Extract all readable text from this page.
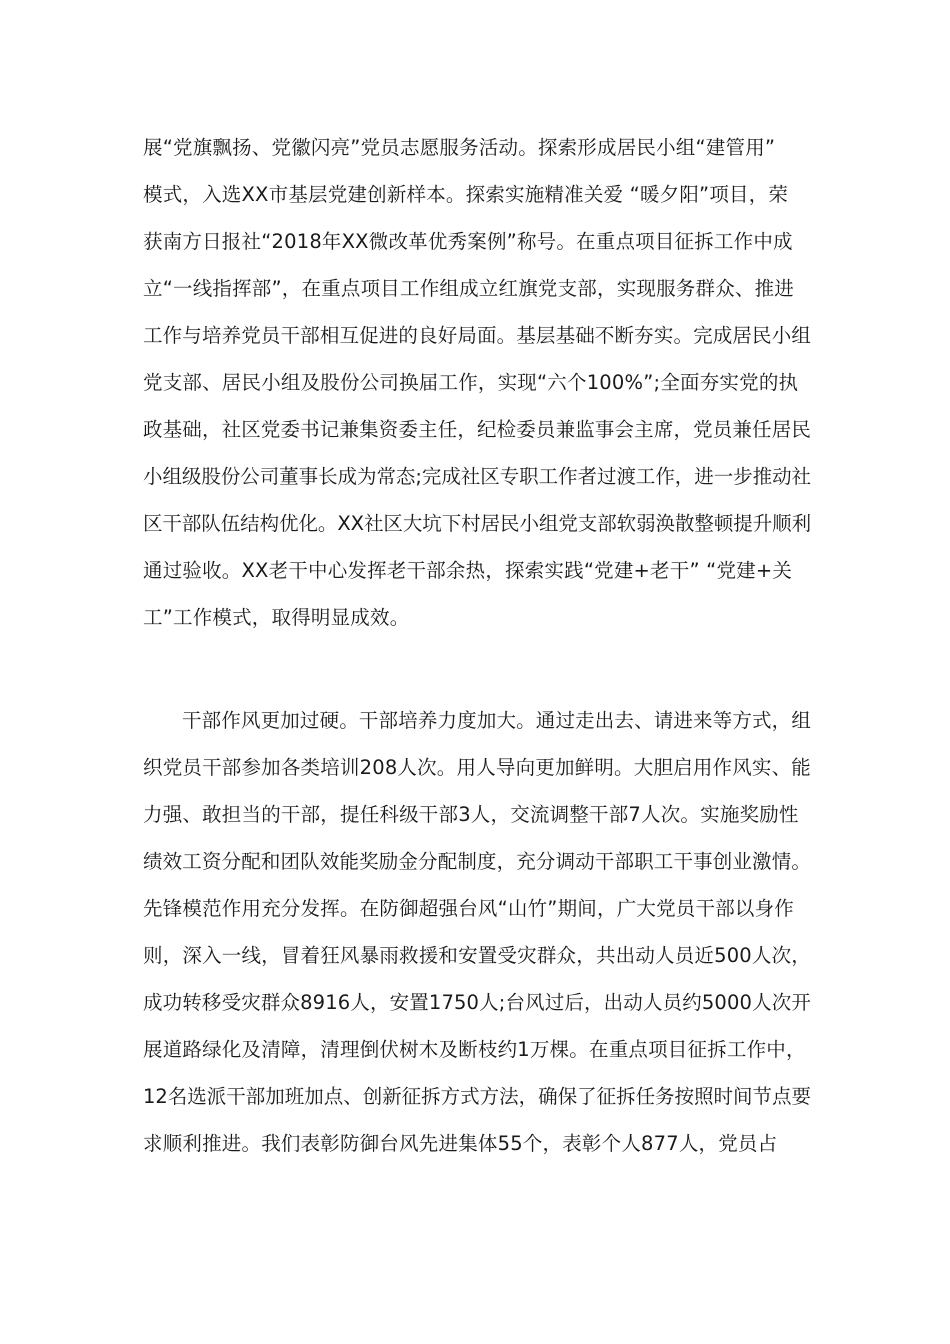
展“党旗飘扬、党徽闪亮”党员志愿服务活动。探索形成居民小组“建管用”
模式，入选XX市基层党建创新样本。探索实施精准关爱 “暖夕阳”项目，荣
获南方日报社“2018年XX微改革优秀案例”称号。在重点项目征拆工作中成
立“一线指挥部”，在重点项目工作组成立红旗党支部，实现服务群众、推进
工作与培养党员干部相互促进的良好局面。基层基础不断夯实。完成居民小组
党支部、居民小组及股份公司换届工作，实现“六个100%”;全面夯实党的执
政基础，社区党委书记兼集资委主任，纪检委员兼监事会主席，党员兼任居民
小组级股份公司董事长成为常态;完成社区专职工作者过渡工作，进一步推动社
区干部队伍结构优化。XX社区大坑下村居民小组党支部软弱涣散整顿提升顺利
通过验收。XX老干中心发挥老干部余热，探索实践“党建+老干” “党建+关
工”工作模式，取得明显成效。
干部作风更加过硬。干部培养力度加大。通过走出去、请进来等方式，组
织党员干部参加各类培训208人次。用人导向更加鲜明。大胆启用作风实、能
力强、敢担当的干部，提任科级干部3人，交流调整干部7人次。实施奖励性
绩效工资分配和团队效能奖励金分配制度，充分调动干部职工干事创业激情。
先锋模范作用充分发挥。在防御超强台风“山竹”期间，广大党员干部以身作
则，深入一线，冒着狂风暴雨救援和安置受灾群众，共出动人员近500人次，
成功转移受灾群众8916人，安置1750人;台风过后，出动人员约5000人次开
展道路绿化及清障，清理倒伏树木及断枝约1万棵。在重点项目征拆工作中，
12名选派干部加班加点、创新征拆方式方法，确保了征拆任务按照时间节点要
求顺利推进。我们表彰防御台风先进集体55个，表彰个人877人，党员占
